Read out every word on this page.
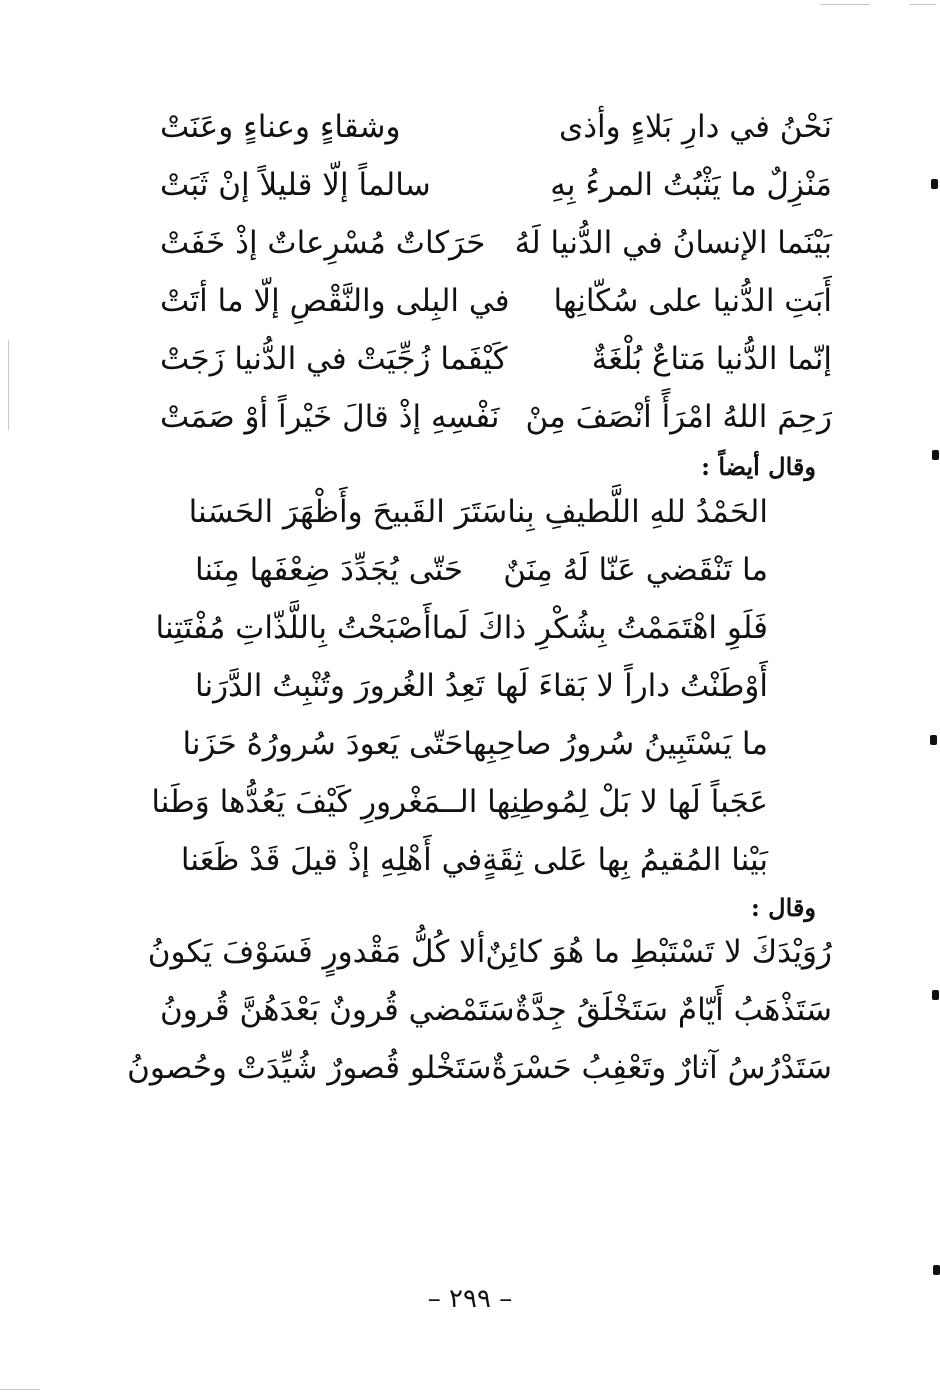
نَحْنُ في دارِ بَلاءٍ وأذى
وشقاءٍ وعناءٍ وعَنَتْ
مَنْزِلٌ ما يَثْبُتُ المرءُ بِهِ
سالماً إلّا قليلاً إنْ ثَبَتْ
بَيْنَما الإنسانُ في الدُّنيا لَهُ
حَرَكاتٌ مُسْرِعاتٌ إذْ خَفَتْ
أَبَتِ الدُّنيا على سُكّانِها
في البِلى والنَّقْصِ إلّا ما أتَتْ
إنّما الدُّنيا مَتاعٌ بُلْغَةٌ
كَيْفَما زُجِّيَتْ في الدُّنيا زَجَتْ
رَحِمَ اللهُ امْرَأً أنْصَفَ مِنْ
نَفْسِهِ إذْ قالَ خَيْراً أوْ صَمَتْ
وقال أيضاً :
الحَمْدُ للهِ اللَّطيفِ بِنا
سَتَرَ القَبيحَ وأَظْهَرَ الحَسَنا
ما تَنْقَضي عَنّا لَهُ مِنَنٌ
حَتّى يُجَدِّدَ ضِعْفَها مِنَنا
فَلَوِ اهْتَمَمْتُ بِشُكْرِ ذاكَ لَما
أَصْبَحْتُ بِاللَّذّاتِ مُفْتَتِنا
أَوْطَنْتُ داراً لا بَقاءَ لَها
تَعِدُ الغُرورَ وتُنْبِتُ الدَّرَنا
ما يَسْتَبِينُ سُرورُ صاحِبِها
حَتّى يَعودَ سُرورُهُ حَزَنا
عَجَباً لَها لا بَلْ لِمُوطِنِها الـ
ـمَغْرورِ كَيْفَ يَعُدُّها وَطَنا
بَيْنا المُقيمُ بِها عَلى ثِقَةٍ
في أَهْلِهِ إذْ قيلَ قَدْ ظَعَنا
وقال :
رُوَيْدَكَ لا تَسْتَبْطِ ما هُوَ كائِنٌ
ألا كُلُّ مَقْدورٍ فَسَوْفَ يَكونُ
سَتَذْهَبُ أَيّامٌ سَتَخْلَقُ جِدَّةٌ
سَتَمْضي قُرونٌ بَعْدَهُنَّ قُرونُ
سَتَدْرُسُ آثارٌ وتَعْفِبُ حَسْرَةٌ
سَتَخْلو قُصورٌ شُيِّدَتْ وحُصونُ
– ٢٩٩ –
